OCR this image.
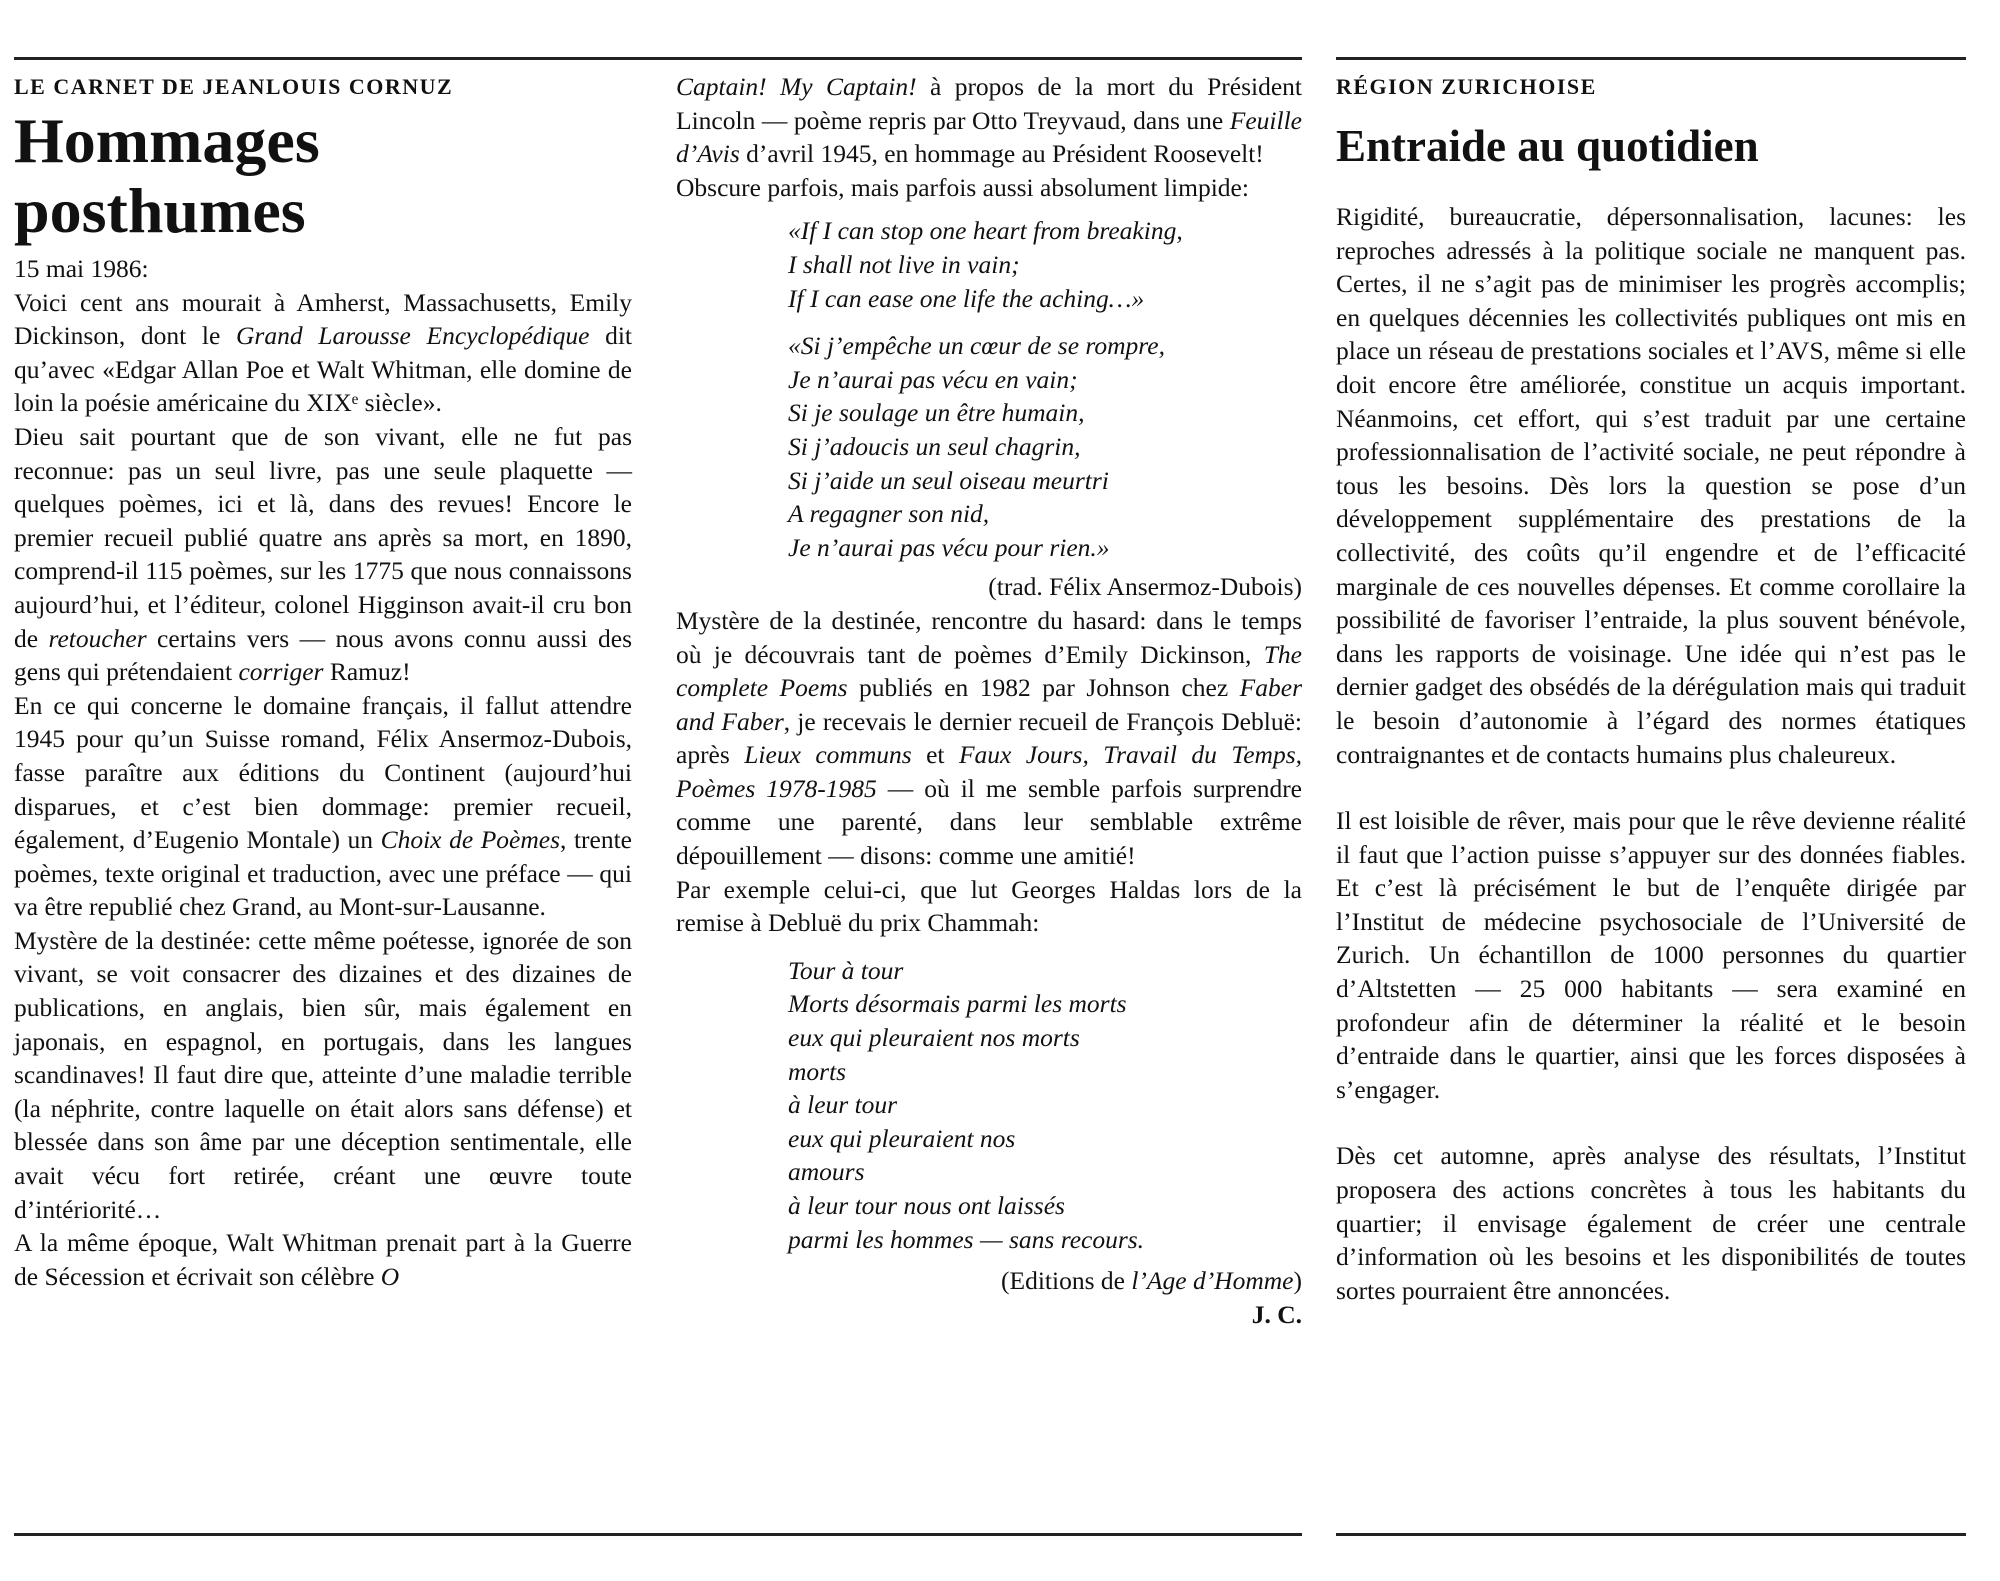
LE CARNET DE JEANLOUIS CORNUZ

Hommages
posthumes

15 mai 1986:

Voici cent ans mourait à Amherst, Massachusetts, Emily Dickinson, dont le Grand Larousse Encyclopédique dit qu’avec «Edgar Allan Poe et Walt Whitman, elle domine de loin la poésie américaine du XIXᵉ siècle».

Dieu sait pourtant que de son vivant, elle ne fut pas reconnue: pas un seul livre, pas une seule plaquette — quelques poèmes, ici et là, dans des revues! Encore le premier recueil publié quatre ans après sa mort, en 1890, comprend-il 115 poèmes, sur les 1775 que nous connaissons aujourd’hui, et l’éditeur, colonel Higginson avait-il cru bon de retoucher certains vers — nous avons connu aussi des gens qui prétendaient corriger Ramuz!

En ce qui concerne le domaine français, il fallut attendre 1945 pour qu’un Suisse romand, Félix Ansermoz-Dubois, fasse paraître aux éditions du Continent (aujourd’hui disparues, et c’est bien dommage: premier recueil, également, d’Eugenio Montale) un Choix de Poèmes, trente poèmes, texte original et traduction, avec une préface — qui va être republié chez Grand, au Mont-sur-Lausanne.

Mystère de la destinée: cette même poétesse, ignorée de son vivant, se voit consacrer des dizaines et des dizaines de publications, en anglais, bien sûr, mais également en japonais, en espagnol, en portugais, dans les langues scandinaves! Il faut dire que, atteinte d’une maladie terrible (la néphrite, contre laquelle on était alors sans défense) et blessée dans son âme par une déception sentimentale, elle avait vécu fort retirée, créant une œuvre toute d’intériorité…

A la même époque, Walt Whitman prenait part à la Guerre de Sécession et écrivait son célèbre O

Captain! My Captain! à propos de la mort du Président Lincoln — poème repris par Otto Treyvaud, dans une Feuille d’Avis d’avril 1945, en hommage au Président Roosevelt!

Obscure parfois, mais parfois aussi absolument limpide:

«If I can stop one heart from breaking,
I shall not live in vain;
If I can ease one life the aching…»
«Si j’empêche un cœur de se rompre,
Je n’aurai pas vécu en vain;
Si je soulage un être humain,
Si j’adoucis un seul chagrin,
Si j’aide un seul oiseau meurtri
A regagner son nid,
Je n’aurai pas vécu pour rien.»

(trad. Félix Ansermoz-Dubois)

Mystère de la destinée, rencontre du hasard: dans le temps où je découvrais tant de poèmes d’Emily Dickinson, The complete Poems publiés en 1982 par Johnson chez Faber and Faber, je recevais le dernier recueil de François Debluë: après Lieux communs et Faux Jours, Travail du Temps, Poèmes 1978-1985 — où il me semble parfois surprendre comme une parenté, dans leur semblable extrême dépouillement — disons: comme une amitié!

Par exemple celui-ci, que lut Georges Haldas lors de la remise à Debluë du prix Chammah:

Tour à tour
Morts désormais parmi les morts
eux qui pleuraient nos morts
morts
à leur tour
eux qui pleuraient nos
amours
à leur tour nous ont laissés
parmi les hommes — sans recours.

(Editions de l’Age d’Homme)

J. C.

RÉGION ZURICHOISE

Entraide au quotidien

Rigidité, bureaucratie, dépersonnalisation, lacunes: les reproches adressés à la politique sociale ne manquent pas. Certes, il ne s’agit pas de minimiser les progrès accomplis; en quelques décennies les collectivités publiques ont mis en place un réseau de prestations sociales et l’AVS, même si elle doit encore être améliorée, constitue un acquis important. Néanmoins, cet effort, qui s’est traduit par une certaine professionnalisation de l’activité sociale, ne peut répondre à tous les besoins. Dès lors la question se pose d’un développement supplémentaire des prestations de la collectivité, des coûts qu’il engendre et de l’efficacité marginale de ces nouvelles dépenses. Et comme corollaire la possibilité de favoriser l’entraide, la plus souvent bénévole, dans les rapports de voisinage. Une idée qui n’est pas le dernier gadget des obsédés de la dérégulation mais qui traduit le besoin d’autonomie à l’égard des normes étatiques contraignantes et de contacts humains plus chaleureux.

Il est loisible de rêver, mais pour que le rêve devienne réalité il faut que l’action puisse s’appuyer sur des données fiables. Et c’est là précisément le but de l’enquête dirigée par l’Institut de médecine psychosociale de l’Université de Zurich. Un échantillon de 1000 personnes du quartier d’Altstetten — 25 000 habitants — sera examiné en profondeur afin de déterminer la réalité et le besoin d’entraide dans le quartier, ainsi que les forces disposées à s’engager.

Dès cet automne, après analyse des résultats, l’Institut proposera des actions concrètes à tous les habitants du quartier; il envisage également de créer une centrale d’information où les besoins et les disponibilités de toutes sortes pourraient être annoncées.
